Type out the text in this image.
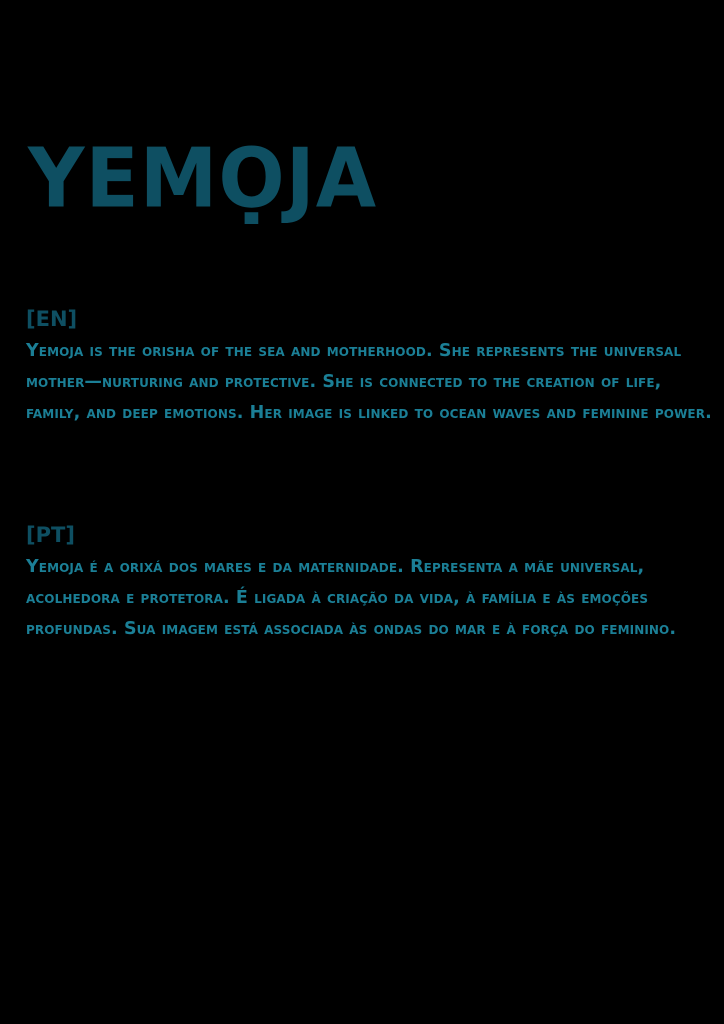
YEMỌJA
[EN]

Yemoja is the orisha of the sea and motherhood. She represents the universal mother—nurturing and protective. She is connected to the creation of life, family, and deep emotions. Her image is linked to ocean waves and feminine power.

[PT]

Yemoja é a orixá dos mares e da maternidade. Representa a mãe universal, acolhedora e protetora. É ligada à criação da vida, à família e às emoções profundas. Sua imagem está associada às ondas do mar e à força do feminino.
